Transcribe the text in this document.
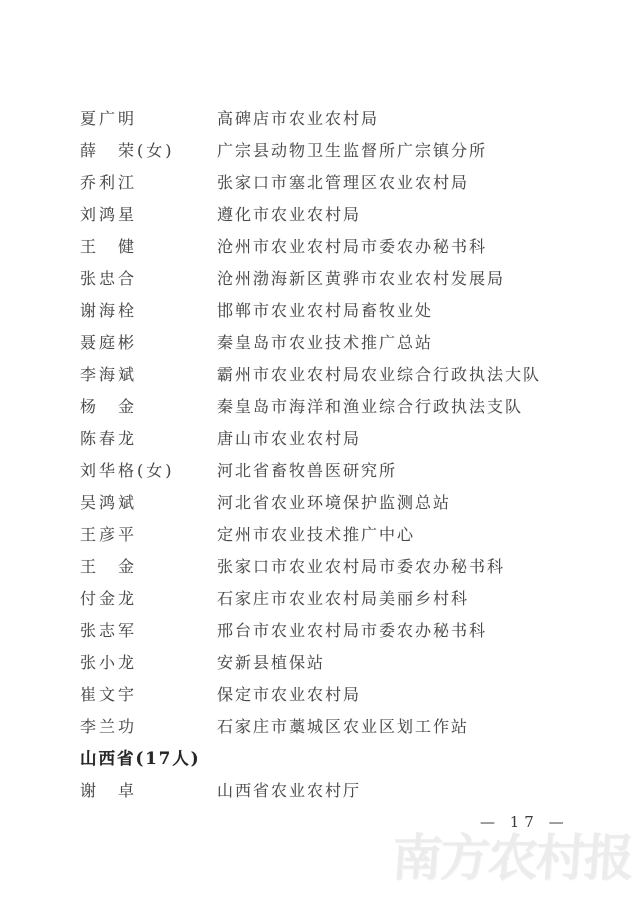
夏广明	高碑店市农业农村局
薛　荣(女)	广宗县动物卫生监督所广宗镇分所
乔利江	张家口市塞北管理区农业农村局
刘鸿星	遵化市农业农村局
王　健	沧州市农业农村局市委农办秘书科
张忠合	沧州渤海新区黄骅市农业农村发展局
谢海栓	邯郸市农业农村局畜牧业处
聂庭彬	秦皇岛市农业技术推广总站
李海斌	霸州市农业农村局农业综合行政执法大队
杨　金	秦皇岛市海洋和渔业综合行政执法支队
陈春龙	唐山市农业农村局
刘华格(女)	河北省畜牧兽医研究所
吴鸿斌	河北省农业环境保护监测总站
王彦平	定州市农业技术推广中心
王　金	张家口市农业农村局市委农办秘书科
付金龙	石家庄市农业农村局美丽乡村科
张志军	邢台市农业农村局市委农办秘书科
张小龙	安新县植保站
崔文宇	保定市农业农村局
李兰功	石家庄市藁城区农业区划工作站
山西省(17人)
谢　卓	山西省农业农村厅
— 17 —
南方农村报
